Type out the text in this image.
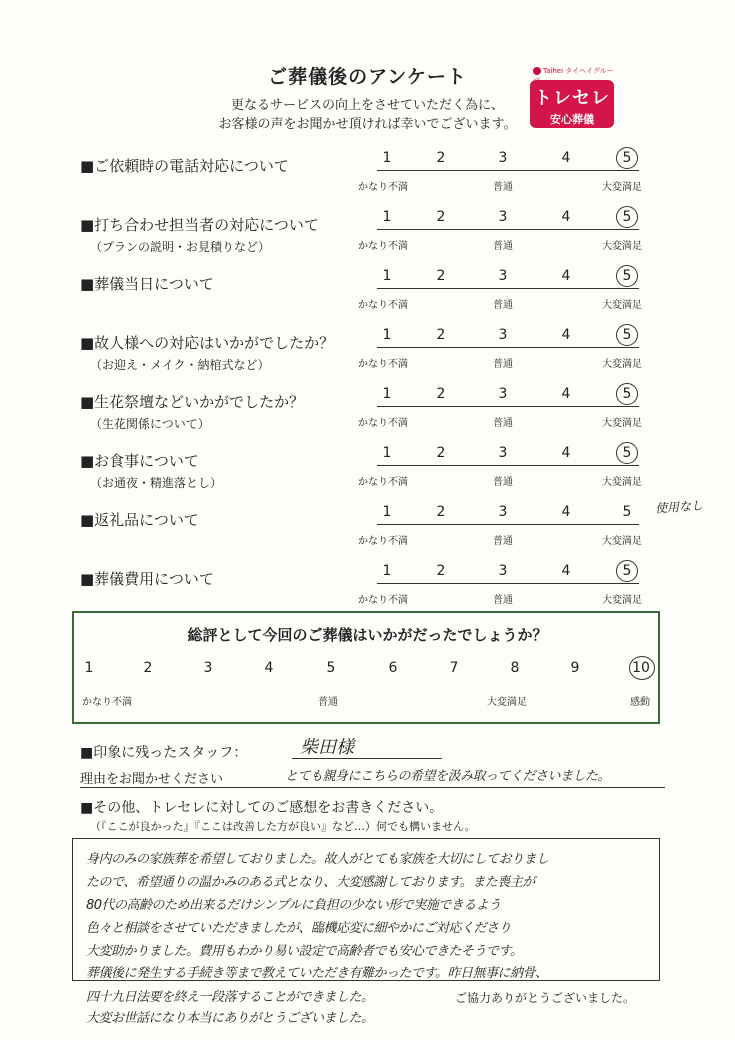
ご葬儀後のアンケート
更なるサービスの向上をさせていただく為に、
お客様の声をお聞かせ頂ければ幸いでございます。
Taihei タイヘイグルー
トレセレ
安心葬儀
■ご依頼時の電話対応について	1	2	3	4	5
かなり不満	普通	大変満足
■打ち合わせ担当者の対応について
（プランの説明・お見積りなど）
1	2	3	4	5
かなり不満	普通	大変満足
■葬儀当日について	1	2	3	4	5
かなり不満	普通	大変満足
■故人様への対応はいかがでしたか？
（お迎え・メイク・納棺式など）
1	2	3	4	5
かなり不満	普通	大変満足
■生花祭壇などいかがでしたか？
（生花関係について）
1	2	3	4	5
かなり不満	普通	大変満足
■お食事について
（お通夜・精進落とし）
1	2	3	4	5
かなり不満	普通	大変満足
■返礼品について	1	2	3	4	5
かなり不満	普通	大変満足
使用なし
■葬儀費用について	1	2	3	4	5
かなり不満	普通	大変満足
総評として今回のご葬儀はいかがだったでしょうか？
1	2	3	4	5	6	7	8	9	10
かなり不満	普通	大変満足	感動
■印象に残ったスタッフ：	柴田様
理由をお聞かせください	とても親身にこちらの希望を汲み取ってくださいました。
■その他、トレセレに対してのご感想をお書きください。
（『ここが良かった』『ここは改善した方が良い』など…）何でも構いません。
身内のみの家族葬を希望しておりました。故人がとても家族を大切にしておりまし
たので、希望通りの温かみのある式となり、大変感謝しております。また喪主が
80代の高齢のため出来るだけシンプルに負担の少ない形で実施できるよう
色々と相談をさせていただきましたが、臨機応変に細やかにご対応くださり
大変助かりました。費用もわかり易い設定で高齢者でも安心できたそうです。
葬儀後に発生する手続き等まで教えていただき有難かったです。昨日無事に納骨、
四十九日法要を終え一段落することができました。
大変お世話になり本当にありがとうございました。
ご協力ありがとうございました。
